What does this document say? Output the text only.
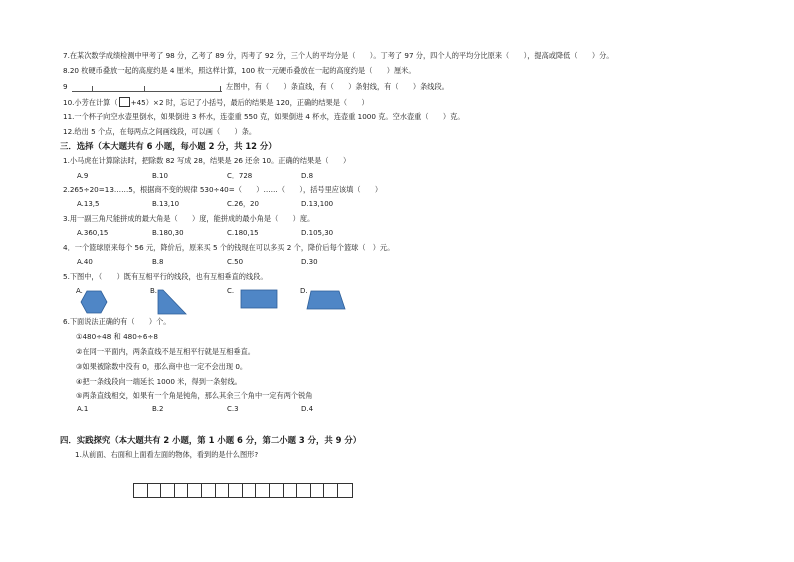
7.在某次数学成绩检测中甲考了 98 分，乙考了 89 分，丙考了 92 分，三个人的平均分是（　　）。丁考了 97 分，四个人的平均分比原来（　　），提高或降低（　　）分。
8.20 枚硬币叠放一起的高度约是 4 厘米，照这样计算，100 枚一元硬币叠放在一起的高度约是（　　）厘米。
9	左图中，有（　　）条直线，有（　　）条射线，有（　　）条线段。
10.小芳在计算（ +45）×2 时，忘记了小括号，最后的结果是 120，正确的结果是（　　）
11.一个杯子向空水壶里倒水，如果倒进 3 杯水，连壶重 550 克，如果倒进 4 杯水，连壶重 1000 克。空水壶重（　　）克。
12.给出 5 个点，在每两点之间画线段，可以画（　　）条。
三．选择（本大题共有 6 小题，每小题 2 分，共 12 分）
1.小马虎在计算除法时，把除数 82 写成 28，结果是 26 还余 10。正确的结果是（　　）
A.9	B.10	C．728	D.8
2.265÷20=13……5，根据商不变的规律 530÷40=（　　）……（　　），括号里应该填（　　）
A.13,5	B.13,10	C.26，20	D.13,100
3.用一副三角尺能拼成的最大角是（　　）度，能拼成的最小角是（　　）度。
A.360,15	B.180,30	C.180,15	D.105,30
4．一个篮球原来每个 56 元，降价后，原来买 5 个的钱现在可以多买 2 个，降价后每个篮球（　）元。
A.40	B.8	C.50	D.30
5.下图中，（　　）既有互相平行的线段，也有互相垂直的线段。
A.	B.	C.	D.
6.下面说法正确的有（　　）个。
①480÷48 和 480÷6÷8
②在同一平面内，两条直线不是互相平行就是互相垂直。
③如果被除数中没有 0，那么商中也一定不会出现 0。
④把一条线段向一端延长 1000 米，得到一条射线。
⑤两条直线相交，如果有一个角是钝角，那么其余三个角中一定有两个锐角
A.1	B.2	C.3	D.4
四．实践探究（本大题共有 2 小题，第 1 小题 6 分，第二小题 3 分，共 9 分）
1.从前面、右面和上面看左面的物体，看到的是什么图形?
